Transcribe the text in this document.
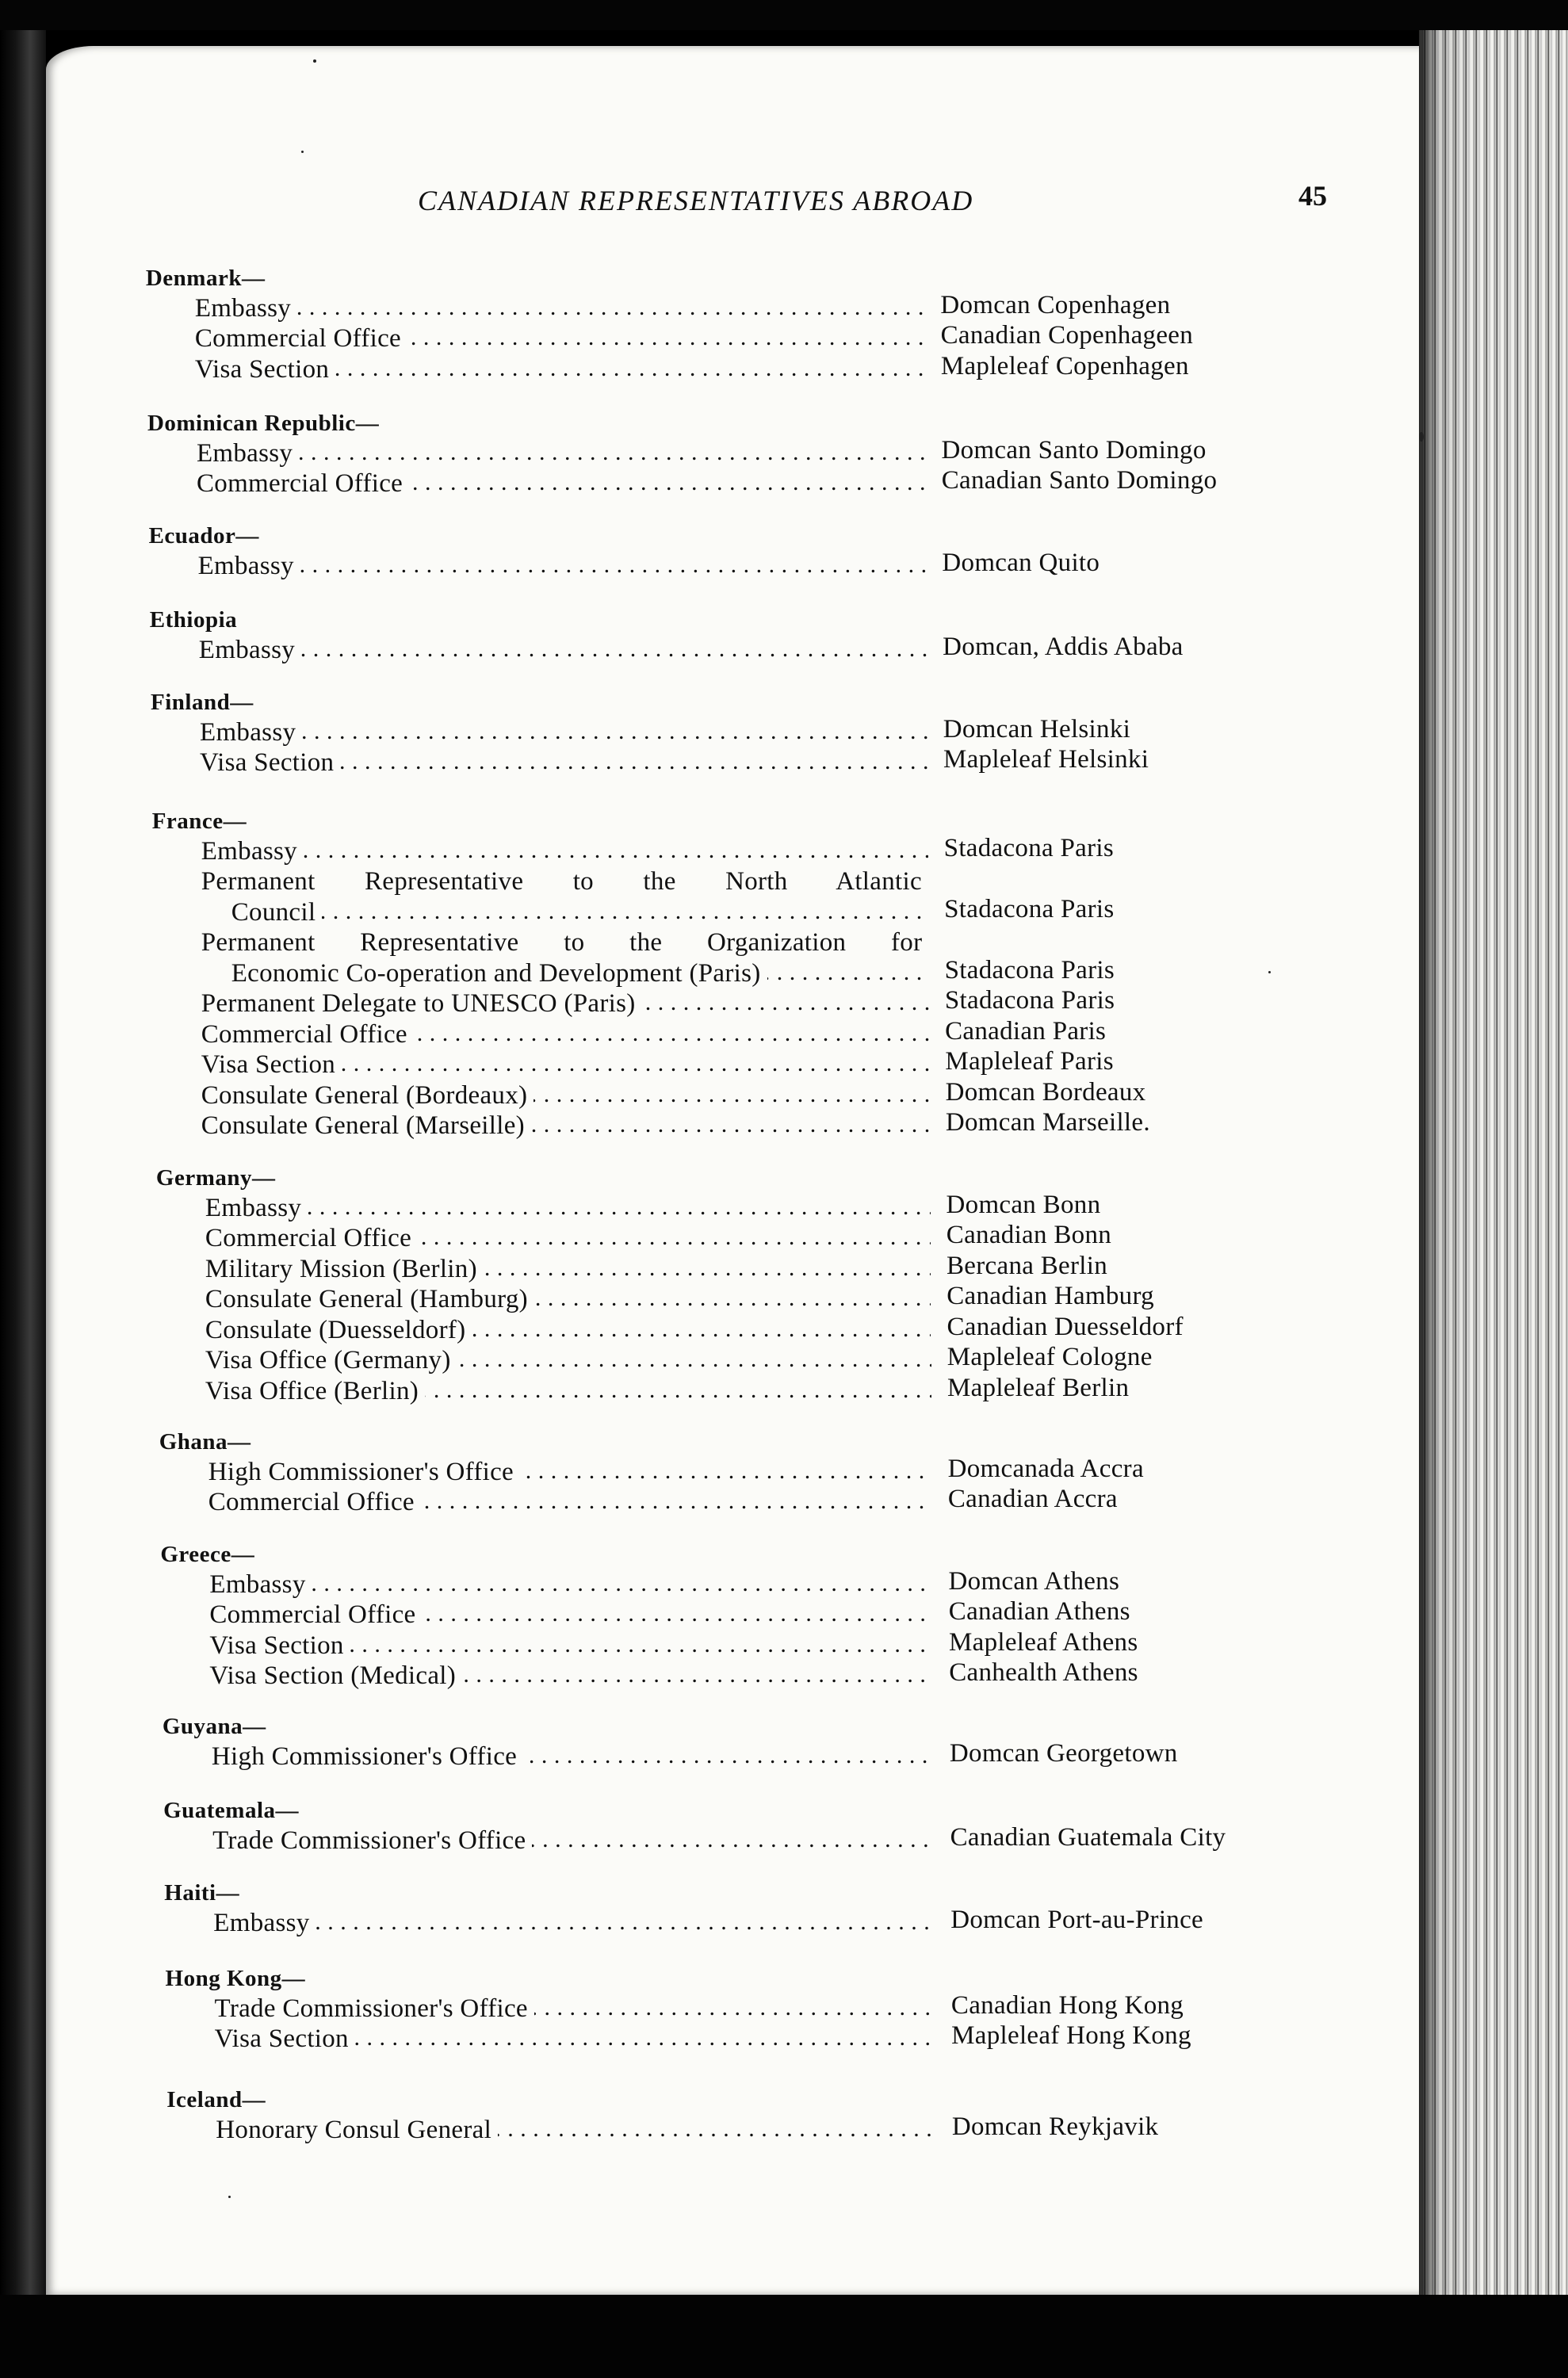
CANADIAN REPRESENTATIVES ABROAD	45
Denmark—
Embassy . . .	Domcan Copenhagen
Commercial Office . . .	Canadian Copenhageen
Visa Section . . .	Mapleleaf Copenhagen
Dominican Republic—
Embassy . . .	Domcan Santo Domingo
Commercial Office . . .	Canadian Santo Domingo
Ecuador—
Embassy . . .	Domcan Quito
Ethiopia
Embassy . . .	Domcan, Addis Ababa
Finland—
Embassy . . .	Domcan Helsinki
Visa Section . . .	Mapleleaf Helsinki
France—
Embassy . . .	Stadacona Paris
Permanent Representative to the North Atlantic
Council . . .	Stadacona Paris
Permanent Representative to the Organization for
Economic Co-operation and Development (Paris) . . .	Stadacona Paris
Permanent Delegate to UNESCO (Paris) . . .	Stadacona Paris
Commercial Office . . .	Canadian Paris
Visa Section . . .	Mapleleaf Paris
Consulate General (Bordeaux) . . .	Domcan Bordeaux
Consulate General (Marseille) . . .	Domcan Marseille.
Germany—
Embassy . . .	Domcan Bonn
Commercial Office . . .	Canadian Bonn
Military Mission (Berlin) . . .	Bercana Berlin
Consulate General (Hamburg) . . .	Canadian Hamburg
Consulate (Duesseldorf) . . .	Canadian Duesseldorf
Visa Office (Germany) . . .	Mapleleaf Cologne
Visa Office (Berlin) . . .	Mapleleaf Berlin
Ghana—
High Commissioner's Office . . .	Domcanada Accra
Commercial Office . . .	Canadian Accra
Greece—
Embassy . . .	Domcan Athens
Commercial Office . . .	Canadian Athens
Visa Section . . .	Mapleleaf Athens
Visa Section (Medical) . . .	Canhealth Athens
Guyana—
High Commissioner's Office . . .	Domcan Georgetown
Guatemala—
Trade Commissioner's Office . . .	Canadian Guatemala City
Haiti—
Embassy . . .	Domcan Port-au-Prince
Hong Kong—
Trade Commissioner's Office . . .	Canadian Hong Kong
Visa Section . . .	Mapleleaf Hong Kong
Iceland—
Honorary Consul General . . .	Domcan Reykjavik
